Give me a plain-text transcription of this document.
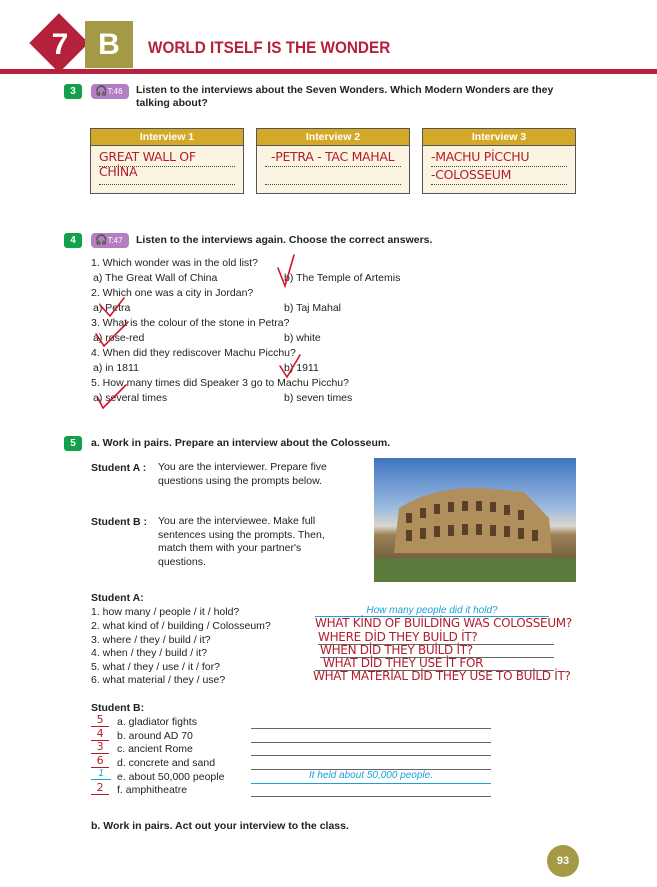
7 B	WORLD ITSELF IS THE WONDER
3	🎧T:46	Listen to the interviews about the Seven Wonders. Which Modern Wonders are they talking about?
Interview 1
GREAT WALL OF CHİNA
Interview 2
-PETRA - TAC MAHAL
Interview 3
-MACHU PİCCHU
-COLOSSEUM
4	🎧T:47	Listen to the interviews again. Choose the correct answers.
1. Which wonder was in the old list?
a) The Great Wall of China	b) The Temple of Artemis
2. Which one was a city in Jordan?
a) Petra	b) Taj Mahal
3. What is the colour of the stone in Petra?
a) rose-red	b) white
4. When did they rediscover Machu Picchu?
a) in 1811	b) 1911
5. How many times did Speaker 3 go to Machu Picchu?
a) several times	b) seven times
5	a. Work in pairs. Prepare an interview about the Colosseum.
Student A : You are the interviewer. Prepare five questions using the prompts below.
Student B : You are the interviewee. Make full sentences using the prompts. Then, match them with your partner's questions.
Student A:
1. how many / people / it / hold?	How many people did it hold?
2. what kind of / building / Colosseum?	WHAT KİND OF BUİLDİNG WAS COLOSSEUM?
3. where / they / build / it?	WHERE DİD THEY BUİLD İT?
4. when / they / build / it?	WHEN DİD THEY BUİLD İT?
5. what / they / use / it / for?	WHAT DİD THEY USE İT FOR
6. what material / they / use?	WHAT MATERİAL DİD THEY USE TO BUİLD İT?
Student B:
5	a. gladiator fights
4	b. around AD 70
3	c. ancient Rome
6	d. concrete and sand
1	e. about 50,000 people	It held about 50,000 people.
2	f. amphitheatre
b. Work in pairs. Act out your interview to the class.
93
